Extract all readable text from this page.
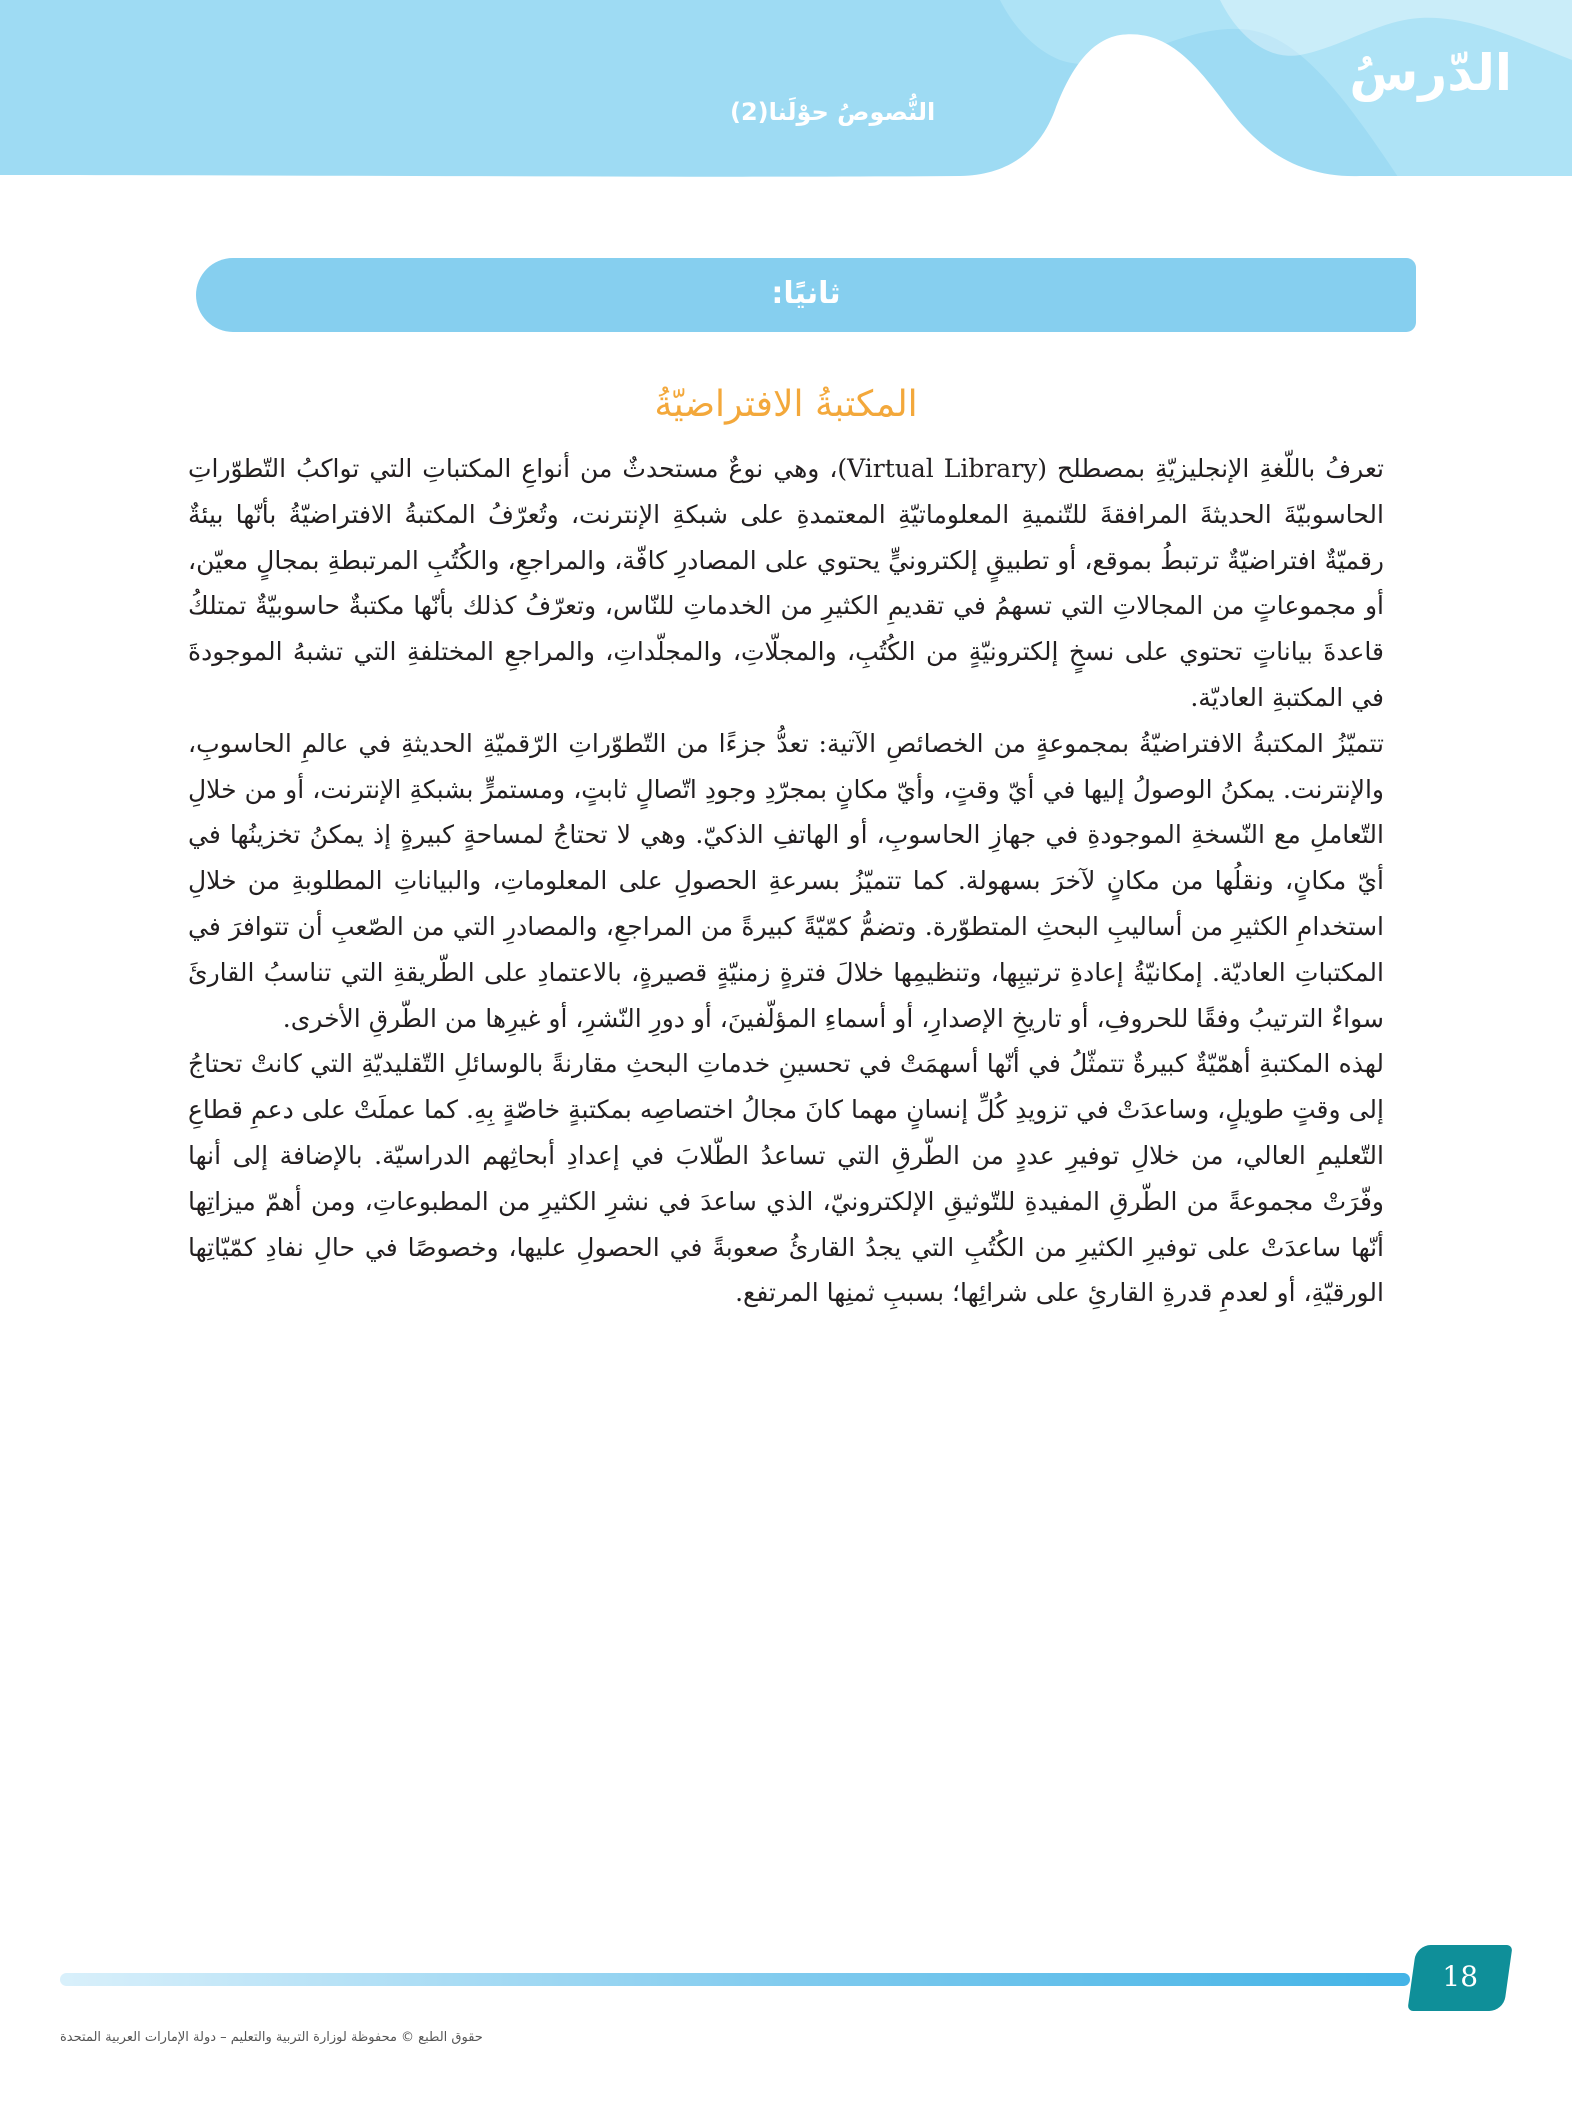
الدّرسُ
النُّصوصُ حوْلَنا(2)

ثانيًا:

المكتبةُ الافتراضيّةُ

تعرفُ باللّغةِ الإنجليزيّةِ بمصطلح (Virtual Library)، وهي نوعٌ مستحدثٌ من أنواعِ المكتباتِ التي تواكبُ التّطوّراتِ الحاسوبيّةَ الحديثةَ المرافقةَ للتّنميةِ المعلوماتيّةِ المعتمدةِ على شبكةِ الإنترنت، وتُعرّفُ المكتبةُ الافتراضيّةُ بأنّها بيئةٌ رقميّةٌ افتراضيّةٌ ترتبطُ بموقع، أو تطبيقٍ إلكترونيٍّ يحتوي على المصادرِ كافّة، والمراجعِ، والكُتُبِ المرتبطةِ بمجالٍ معيّن، أو مجموعاتٍ من المجالاتِ التي تسهمُ في تقديمِ الكثيرِ من الخدماتِ للنّاس، وتعرّفُ كذلك بأنّها مكتبةٌ حاسوبيّةٌ تمتلكُ قاعدةَ بياناتٍ تحتوي على نسخٍ إلكترونيّةٍ من الكُتُبِ، والمجلّاتِ، والمجلّداتِ، والمراجعِ المختلفةِ التي تشبهُ الموجودةَ في المكتبةِ العاديّة.

تتميّزُ المكتبةُ الافتراضيّةُ بمجموعةٍ من الخصائصِ الآتية: تعدُّ جزءًا من التّطوّراتِ الرّقميّةِ الحديثةِ في عالمِ الحاسوبِ، والإنترنت. يمكنُ الوصولُ إليها في أيّ وقتٍ، وأيّ مكانٍ بمجرّدِ وجودِ اتّصالٍ ثابتٍ، ومستمرٍّ بشبكةِ الإنترنت، أو من خلالِ التّعاملِ مع النّسخةِ الموجودةِ في جهازِ الحاسوبِ، أو الهاتفِ الذكيّ. وهي لا تحتاجُ لمساحةٍ كبيرةٍ إذ يمكنُ تخزينُها في أيّ مكانٍ، ونقلُها من مكانٍ لآخرَ بسهولة. كما تتميّزُ بسرعةِ الحصولِ على المعلوماتِ، والبياناتِ المطلوبةِ من خلالِ استخدامِ الكثيرِ من أساليبِ البحثِ المتطوّرة. وتضمُّ كمّيّةً كبيرةً من المراجعِ، والمصادرِ التي من الصّعبِ أن تتوافرَ في المكتباتِ العاديّة. إمكانيّةُ إعادةِ ترتيبِها، وتنظيمِها خلالَ فترةٍ زمنيّةٍ قصيرةٍ، بالاعتمادِ على الطّريقةِ التي تناسبُ القارئَ سواءٌ الترتيبُ وفقًا للحروفِ، أو تاريخِ الإصدارِ، أو أسماءِ المؤلّفينَ، أو دورِ النّشرِ، أو غيرِها من الطّرقِ الأخرى.

لهذه المكتبةِ أهمّيّةٌ كبيرةٌ تتمثّلُ في أنّها أسهمَتْ في تحسينِ خدماتِ البحثِ مقارنةً بالوسائلِ التّقليديّةِ التي كانتْ تحتاجُ إلى وقتٍ طويلٍ، وساعدَتْ في تزويدِ كُلِّ إنسانٍ مهما كانَ مجالُ اختصاصِه بمكتبةٍ خاصّةٍ بِهِ. كما عملَتْ على دعمِ قطاعِ التّعليمِ العالي، من خلالِ توفيرِ عددٍ من الطّرقِ التي تساعدُ الطّلابَ في إعدادِ أبحاثِهم الدراسيّة. بالإضافة إلى أنها وفّرَتْ مجموعةً من الطّرقِ المفيدةِ للتّوثيقِ الإلكترونيّ، الذي ساعدَ في نشرِ الكثيرِ من المطبوعاتِ، ومن أهمّ ميزاتِها أنّها ساعدَتْ على توفيرِ الكثيرِ من الكُتُبِ التي يجدُ القارئُ صعوبةً في الحصولِ عليها، وخصوصًا في حالِ نفادِ كمّيّاتِها الورقيّةِ، أو لعدمِ قدرةِ القارئِ على شرائِها؛ بسببِ ثمنِها المرتفع.

18

حقوق الطبع © محفوظة لوزارة التربية والتعليم – دولة الإمارات العربية المتحدة
